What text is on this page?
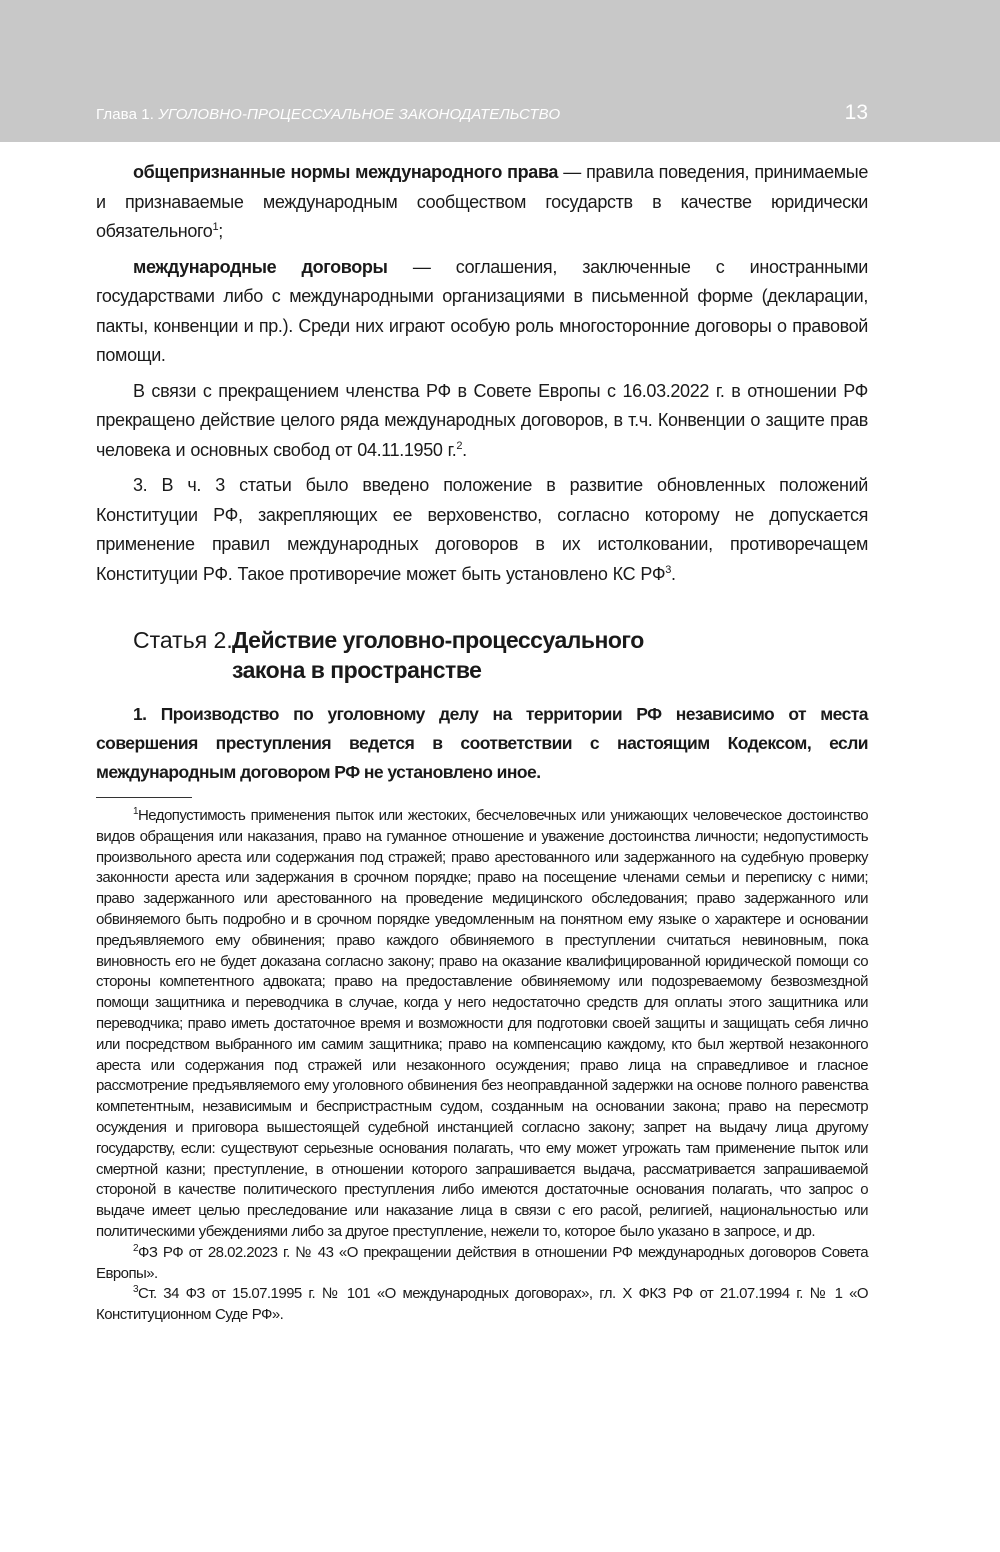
Глава 1. УГОЛОВНО-ПРОЦЕССУАЛЬНОЕ ЗАКОНОДАТЕЛЬСТВО	13

общепризнанные нормы международного права — правила поведения, принимаемые и признаваемые международным сообществом государств в качестве юридически обязательного$^1$;

международные договоры — соглашения, заключенные с иностранными государствами либо с международными организациями в письменной форме (декларации, пакты, конвенции и пр.). Среди них играют особую роль многосторонние договоры о правовой помощи.

В связи с прекращением членства РФ в Совете Европы с 16.03.2022 г. в отношении РФ прекращено действие целого ряда международных договоров, в т.ч. Конвенции о защите прав человека и основных свобод от 04.11.1950 г.$^2$.

3. В ч. 3 статьи было введено положение в развитие обновленных положений Конституции РФ, закрепляющих ее верховенство, согласно которому не допускается применение правил международных договоров в их истолковании, противоречащем Конституции РФ. Такое противоречие может быть установлено КС $РФ^3$.

Статья 2. Действие уголовно-процессуального
закона в пространстве
1. Производство по уголовному делу на территории РФ независимо от места совершения преступления ведется в соответствии с настоящим Кодексом, если международным договором РФ не установлено иное.

$^1$Недопустимость применения пыток или жестоких, бесчеловечных или унижающих человеческое достоинство видов обращения или наказания, право на гуманное отношение и уважение достоинства личности; недопустимость произвольного ареста или содержания под стражей; право арестованного или задержанного на судебную проверку законности ареста или задержания в срочном порядке; право на посещение членами семьи и переписку с ними; право задержанного или арестованного на проведение медицинского обследования; право задержанного или обвиняемого быть подробно и в срочном порядке уведомленным на понятном ему языке о характере и основании предъявляемого ему обвинения; право каждого обвиняемого в преступлении считаться невиновным, пока виновность его не будет доказана согласно закону; право на оказание квалифицированной юридической помощи со стороны компетентного адвоката; право на предоставление обвиняемому или подозреваемому безвозмездной помощи защитника и переводчика в случае, когда у него недостаточно средств для оплаты этого защитника или переводчика; право иметь достаточное время и возможности для подготовки своей защиты и защищать себя лично или посредством выбранного им самим защитника; право на компенсацию каждому, кто был жертвой незаконного ареста или содержания под стражей или незаконного осуждения; право лица на справедливое и гласное рассмотрение предъявляемого ему уголовного обвинения без неоправданной задержки на основе полного равенства компетентным, независимым и беспристрастным судом, созданным на основании закона; право на пересмотр осуждения и приговора вышестоящей судебной инстанцией согласно закону; запрет на выдачу лица другому государству, если: существуют серьезные основания полагать, что ему может угрожать там применение пыток или смертной казни; преступление, в отношении которого запрашивается выдача, рассматривается запрашиваемой стороной в качестве политического преступления либо имеются достаточные основания полагать, что запрос о выдаче имеет целью преследование или наказание лица в связи с его расой, религией, национальностью или политическими убеждениями либо за другое преступление, нежели то, которое было указано в запросе, и др.

$^2$ФЗ РФ от 28.02.2023 г. № 43 «О прекращении действия в отношении РФ международных договоров Совета Европы».

$^3$Ст. 34 ФЗ от 15.07.1995 г. № 101 «О международных договорах», гл. X ФКЗ РФ от 21.07.1994 г. № 1 «О Конституционном Суде РФ».
